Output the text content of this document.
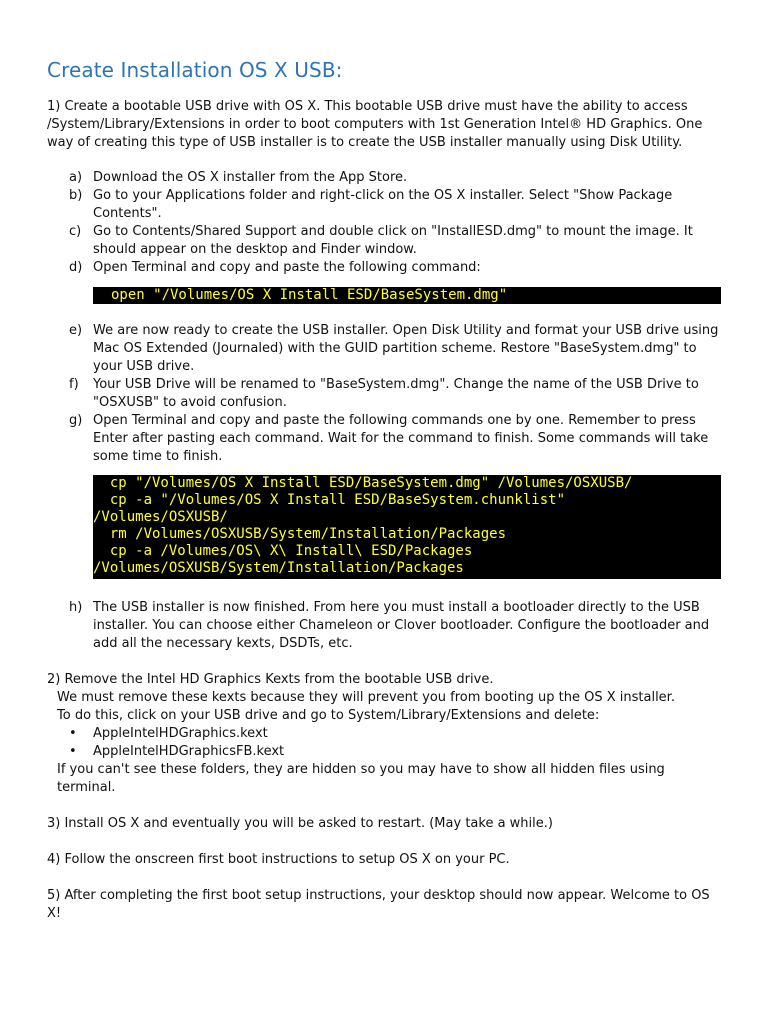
Create Installation OS X USB:

1) Create a bootable USB drive with OS X. This bootable USB drive must have the ability to access /System/Library/Extensions in order to boot computers with 1st Generation Intel® HD Graphics. One way of creating this type of USB installer is to create the USB installer manually using Disk Utility.

a) Download the OS X installer from the App Store.
b) Go to your Applications folder and right-click on the OS X installer. Select "Show Package Contents".
c) Go to Contents/Shared Support and double click on "InstallESD.dmg" to mount the image. It should appear on the desktop and Finder window.
d) Open Terminal and copy and paste the following command:
open "/Volumes/OS X Install ESD/BaseSystem.dmg"
e) We are now ready to create the USB installer. Open Disk Utility and format your USB drive using Mac OS Extended (Journaled) with the GUID partition scheme. Restore "BaseSystem.dmg" to your USB drive.
f) Your USB Drive will be renamed to "BaseSystem.dmg". Change the name of the USB Drive to "OSXUSB" to avoid confusion.
g) Open Terminal and copy and paste the following commands one by one. Remember to press Enter after pasting each command. Wait for the command to finish. Some commands will take some time to finish.
cp "/Volumes/OS X Install ESD/BaseSystem.dmg" /Volumes/OSXUSB/
cp -a "/Volumes/OS X Install ESD/BaseSystem.chunklist"
/Volumes/OSXUSB/
rm /Volumes/OSXUSB/System/Installation/Packages
cp -a /Volumes/OS\ X\ Install\ ESD/Packages
/Volumes/OSXUSB/System/Installation/Packages
h) The USB installer is now finished. From here you must install a bootloader directly to the USB installer. You can choose either Chameleon or Clover bootloader. Configure the bootloader and add all the necessary kexts, DSDTs, etc.

2) Remove the Intel HD Graphics Kexts from the bootable USB drive.

We must remove these kexts because they will prevent you from booting up the OS X installer.

To do this, click on your USB drive and go to System/Library/Extensions and delete:

• AppleIntelHDGraphics.kext
• AppleIntelHDGraphicsFB.kext

If you can't see these folders, they are hidden so you may have to show all hidden files using terminal.

3) Install OS X and eventually you will be asked to restart. (May take a while.)

4) Follow the onscreen first boot instructions to setup OS X on your PC.

5) After completing the first boot setup instructions, your desktop should now appear. Welcome to OS X!
